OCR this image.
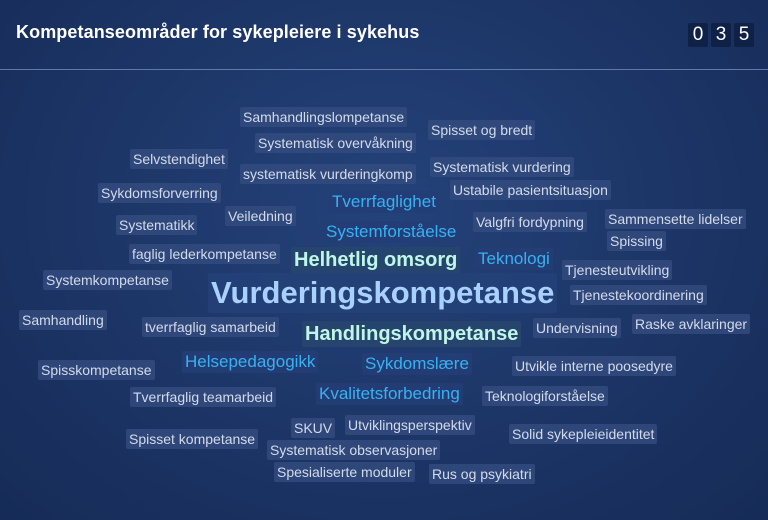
Kompetanseområder for sykepleiere i sykehus	0 3 5
Samhandlingslompetanse
Spisset og bredt
Systematisk overvåkning
Selvstendighet
systematisk vurderingkomp Systematisk vurdering
Sykdomsforverring	Ustabile pasientsituasjon
Tverrfaglighet
Systematikk
Veiledning	Valgfri fordypning Sammensette lidelser
Systemforståelse
faglig lederkompetanse
Spissing
Helhetlig omsorg Teknologi
Tjenesteutvikling
Systemkompetanse Vurderingskompetanse Tjenestekoordinering
Samhandling	tverrfaglig samarbeid Handlingskompetanse Undervisning Raske avklaringer
Helsepedagogikk	Sykdomslære
Spisskompetanse	Utvikle interne poosedyre
Kvalitetsforbedring Teknologiforståelse
Tverrfaglig teamarbeid
SKUV Utviklingsperspektiv
Spisset kompetanse	Solid sykepleieidentitet
Systematisk observasjoner
Spesialiserte moduler Rus og psykiatri
